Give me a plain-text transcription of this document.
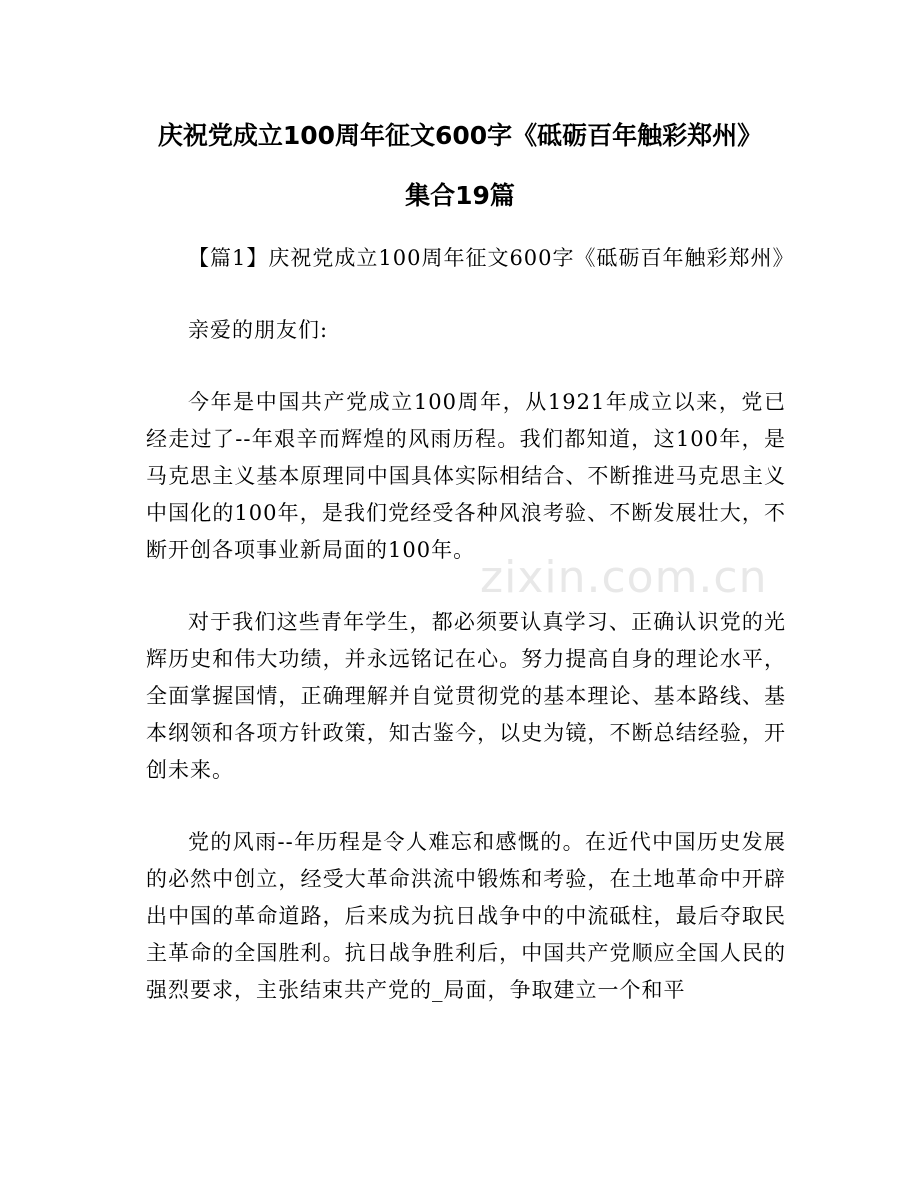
庆祝党成立100周年征文600字《砥砺百年触彩郑州》
集合19篇
zixin.com.cn

【篇1】庆祝党成立100周年征文600字《砥砺百年触彩郑州》

亲爱的朋友们:

今年是中国共产党成立100周年，从1921年成立以来，党已经走过了--年艰辛而辉煌的风雨历程。我们都知道，这100年，是马克思主义基本原理同中国具体实际相结合、不断推进马克思主义中国化的100年，是我们党经受各种风浪考验、不断发展壮大，不断开创各项事业新局面的100年。

对于我们这些青年学生，都必须要认真学习、正确认识党的光辉历史和伟大功绩，并永远铭记在心。努力提高自身的理论水平，全面掌握国情，正确理解并自觉贯彻党的基本理论、基本路线、基本纲领和各项方针政策，知古鉴今，以史为镜，不断总结经验，开创未来。

党的风雨--年历程是令人难忘和感慨的。在近代中国历史发展的必然中创立，经受大革命洪流中锻炼和考验，在土地革命中开辟出中国的革命道路，后来成为抗日战争中的中流砥柱，最后夺取民主革命的全国胜利。抗日战争胜利后，中国共产党顺应全国人民的强烈要求，主张结束共产党的_局面，争取建立一个和平
